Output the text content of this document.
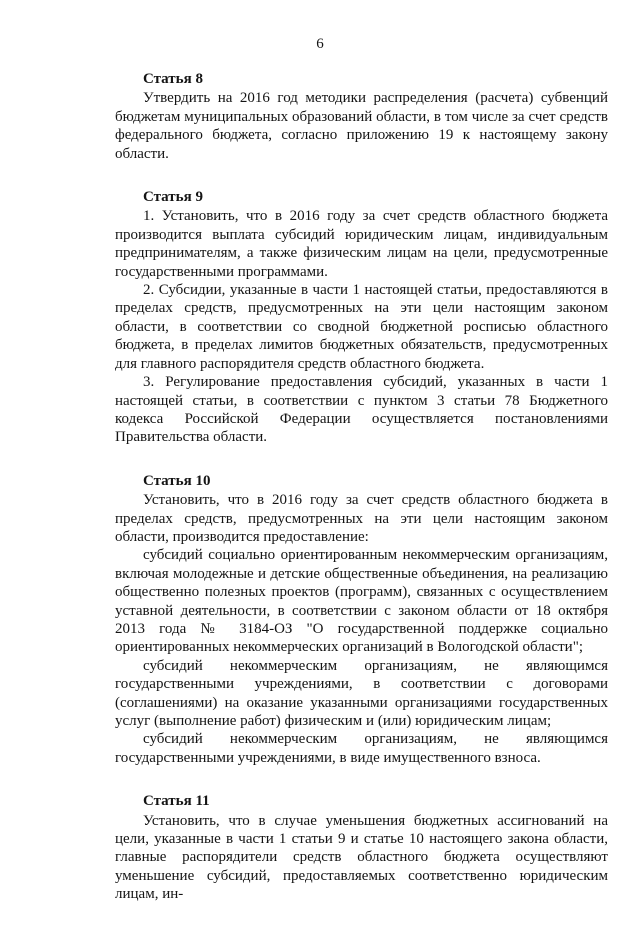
6
Статья 8

Утвердить на 2016 год методики распределения (расчета) субвенций бюджетам муниципальных образований области, в том числе за счет средств федерального бюджета, согласно приложению 19 к настоящему закону области.

Статья 9

1. Установить, что в 2016 году за счет средств областного бюджета производится выплата субсидий юридическим лицам, индивидуальным предпринимателям, а также физическим лицам на цели, предусмотренные государственными программами.

2. Субсидии, указанные в части 1 настоящей статьи, предоставляются в пределах средств, предусмотренных на эти цели настоящим законом области, в соответствии со сводной бюджетной росписью областного бюджета, в пределах лимитов бюджетных обязательств, предусмотренных для главного распорядителя средств областного бюджета.

3. Регулирование предоставления субсидий, указанных в части 1 настоящей статьи, в соответствии с пунктом 3 статьи 78 Бюджетного кодекса Российской Федерации осуществляется постановлениями Правительства области.

Статья 10

Установить, что в 2016 году за счет средств областного бюджета в пределах средств, предусмотренных на эти цели настоящим законом области, производится предоставление:

субсидий социально ориентированным некоммерческим организациям, включая молодежные и детские общественные объединения, на реализацию общественно полезных проектов (программ), связанных с осуществлением уставной деятельности, в соответствии с законом области от 18 октября 2013 года № 3184-ОЗ "О государственной поддержке социально ориентированных некоммерческих организаций в Вологодской области";

субсидий некоммерческим организациям, не являющимся государственными учреждениями, в соответствии с договорами (соглашениями) на оказание указанными организациями государственных услуг (выполнение работ) физическим и (или) юридическим лицам;

субсидий некоммерческим организациям, не являющимся государственными учреждениями, в виде имущественного взноса.

Статья 11

Установить, что в случае уменьшения бюджетных ассигнований на цели, указанные в части 1 статьи 9 и статье 10 настоящего закона области, главные распорядители средств областного бюджета осуществляют уменьшение субсидий, предоставляемых соответственно юридическим лицам, ин-
